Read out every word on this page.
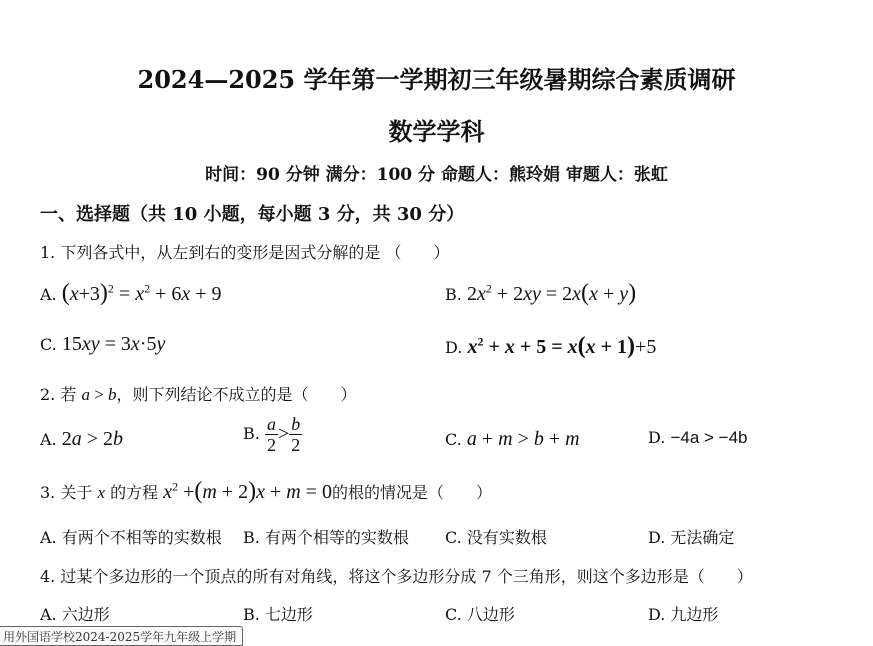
2024—2025 学年第一学期初三年级暑期综合素质调研
数学学科
时间：90 分钟 满分：100 分 命题人：熊玲娟 审题人：张虹
一、选择题（共 10 小题，每小题 3 分，共 30 分）
1. 下列各式中，从左到右的变形是因式分解的是 （　　）
A. $(x+3)^2 = x^2 + 6x + 9$	B. $2x^2 + 2xy = 2x(x + y)$
C. 15xy = 3x·5y	D. $x^2 + x + 5 = x(x + 1)+5$
2. 若 a > b，则下列结论不成立的是（　　）
A. 2a > 2b	B. $\frac{a}{2} > \frac{b}{2}$	C. a + m > b + m	D. −4a > −4b
3. 关于 x 的方程 $x^2 +(m + 2)x + m = 0$的根的情况是（　　）
A. 有两个不相等的实数根 B. 有两个相等的实数根 C. 没有实数根	D. 无法确定
4. 过某个多边形的一个顶点的所有对角线，将这个多边形分成 7 个三角形，则这个多边形是（　　）
A. 六边形	B. 七边形	C. 八边形	D. 九边形
用外国语学校2024-2025学年九年级上学期
